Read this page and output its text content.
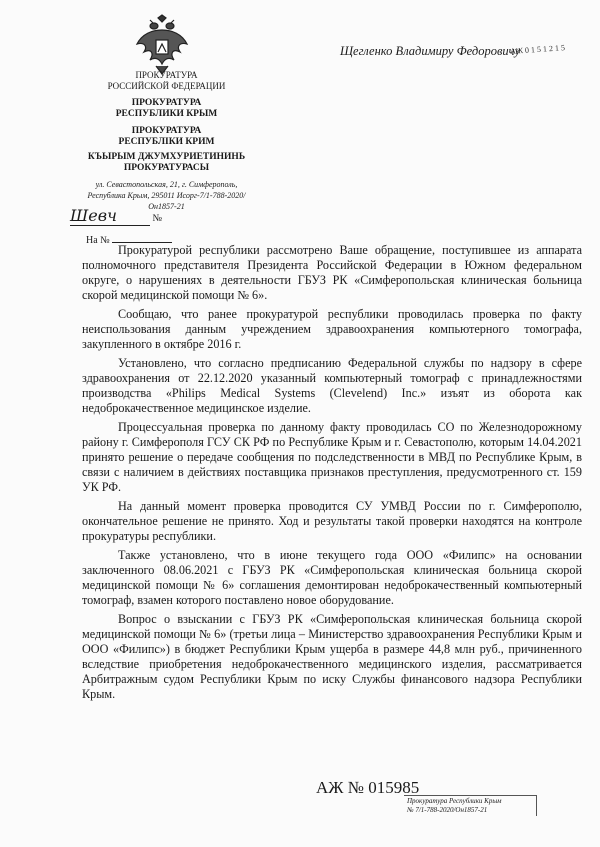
ПРОКУРАТУРА
РОССИЙСКОЙ ФЕДЕРАЦИИ
ПРОКУРАТУРА
РЕСПУБЛИКИ КРЫМ
ПРОКУРАТУРА
РЕСПУБЛІКИ КРИМ
КЪЫРЫМ ДЖУМХУРИЕТИНИНЬ
ПРОКУРАТУРАСЫ
ул. Севастопольская, 21, г. Симферополь,
Республика Крым, 295011 Исорг-7/1-788-2020/Он1857-21
Шевч	№
На №
Щегленко Владимиру Федоровичу
АЖ 0 1 5 1 2 1 5

Прокуратурой республики рассмотрено Ваше обращение, поступившее из аппарата полномочного представителя Президента Российской Федерации в Южном федеральном округе, о нарушениях в деятельности ГБУЗ РК «Симферопольская клиническая больница скорой медицинской помощи № 6».

Сообщаю, что ранее прокуратурой республики проводилась проверка по факту неиспользования данным учреждением здравоохранения компьютерного томографа, закупленного в октябре 2016 г.

Установлено, что согласно предписанию Федеральной службы по надзору в сфере здравоохранения от 22.12.2020 указанный компьютерный томограф с принадлежностями производства «Philips Medical Systems (Clevelend) Inc.» изъят из оборота как недоброкачественное медицинское изделие.

Процессуальная проверка по данному факту проводилась СО по Железнодорожному району г. Симферополя ГСУ СК РФ по Республике Крым и г. Севастополю, которым 14.04.2021 принято решение о передаче сообщения по подследственности в МВД по Республике Крым, в связи с наличием в действиях поставщика признаков преступления, предусмотренного ст. 159 УК РФ.

На данный момент проверка проводится СУ УМВД России по г. Симферополю, окончательное решение не принято. Ход и результаты такой проверки находятся на контроле прокуратуры республики.

Также установлено, что в июне текущего года ООО «Филипс» на основании заключенного 08.06.2021 с ГБУЗ РК «Симферопольская клиническая больница скорой медицинской помощи № 6» соглашения демонтирован недоброкачественный компьютерный томограф, взамен которого поставлено новое оборудование.

Вопрос о взыскании с ГБУЗ РК «Симферопольская клиническая больница скорой медицинской помощи № 6» (третьи лица – Министерство здравоохранения Республики Крым и ООО «Филипс») в бюджет Республики Крым ущерба в размере 44,8 млн руб., причиненного вследствие приобретения недоброкачественного медицинского изделия, рассматривается Арбитражным судом Республики Крым по иску Службы финансового надзора Республики Крым.

АЖ № 015985
Прокуратура Республики Крым
№ 7/1-788-2020/Он1857-21
